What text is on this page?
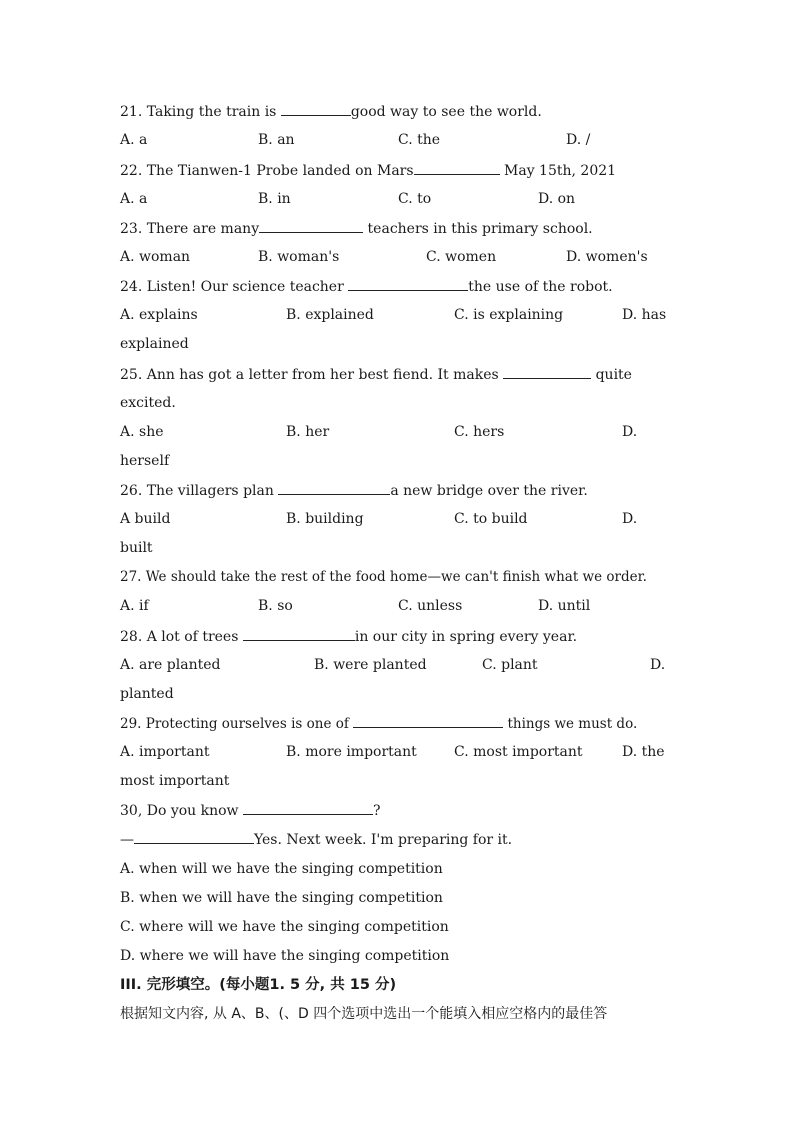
21. Taking the train is	good way to see the world.
A. a	B. an	C. the	D. /
22. The Tianwen-1 Probe landed on Mars	May 15th, 2021
A. a	B. in	C. to	D. on
23. There are many	teachers in this primary school.
A. woman	B. woman's	C. women	D. women's
24. Listen! Our science teacher	the use of the robot.
A. explains	B. explained	C. is explaining	D. has
explained
25. Ann has got a letter from her best fiend. It makes	quite
excited.
A. she	B. her	C. hers	D.
herself
26. The villagers plan	a new bridge over the river.
A build	B. building	C. to build	D.
built
27. We should take the rest of the food home—we can't finish what we order.
A. if	B. so	C. unless	D. until
28. A lot of trees	in our city in spring every year.
A. are planted	B. were planted	C. plant	D.
planted
29. Protecting ourselves is one of	things we must do.
A. important	B. more important	C. most important	D. the
most important
30, Do you know	?
—	Yes. Next week. I'm preparing for it.
A. when will we have the singing competition
B. when we will have the singing competition
C. where will we have the singing competition
D. where we will have the singing competition
III. 完形填空。(每小题1. 5 分, 共 15 分)
根据知文内容, 从 A、B、(、D 四个选项中选出一个能填入相应空格内的最佳答
